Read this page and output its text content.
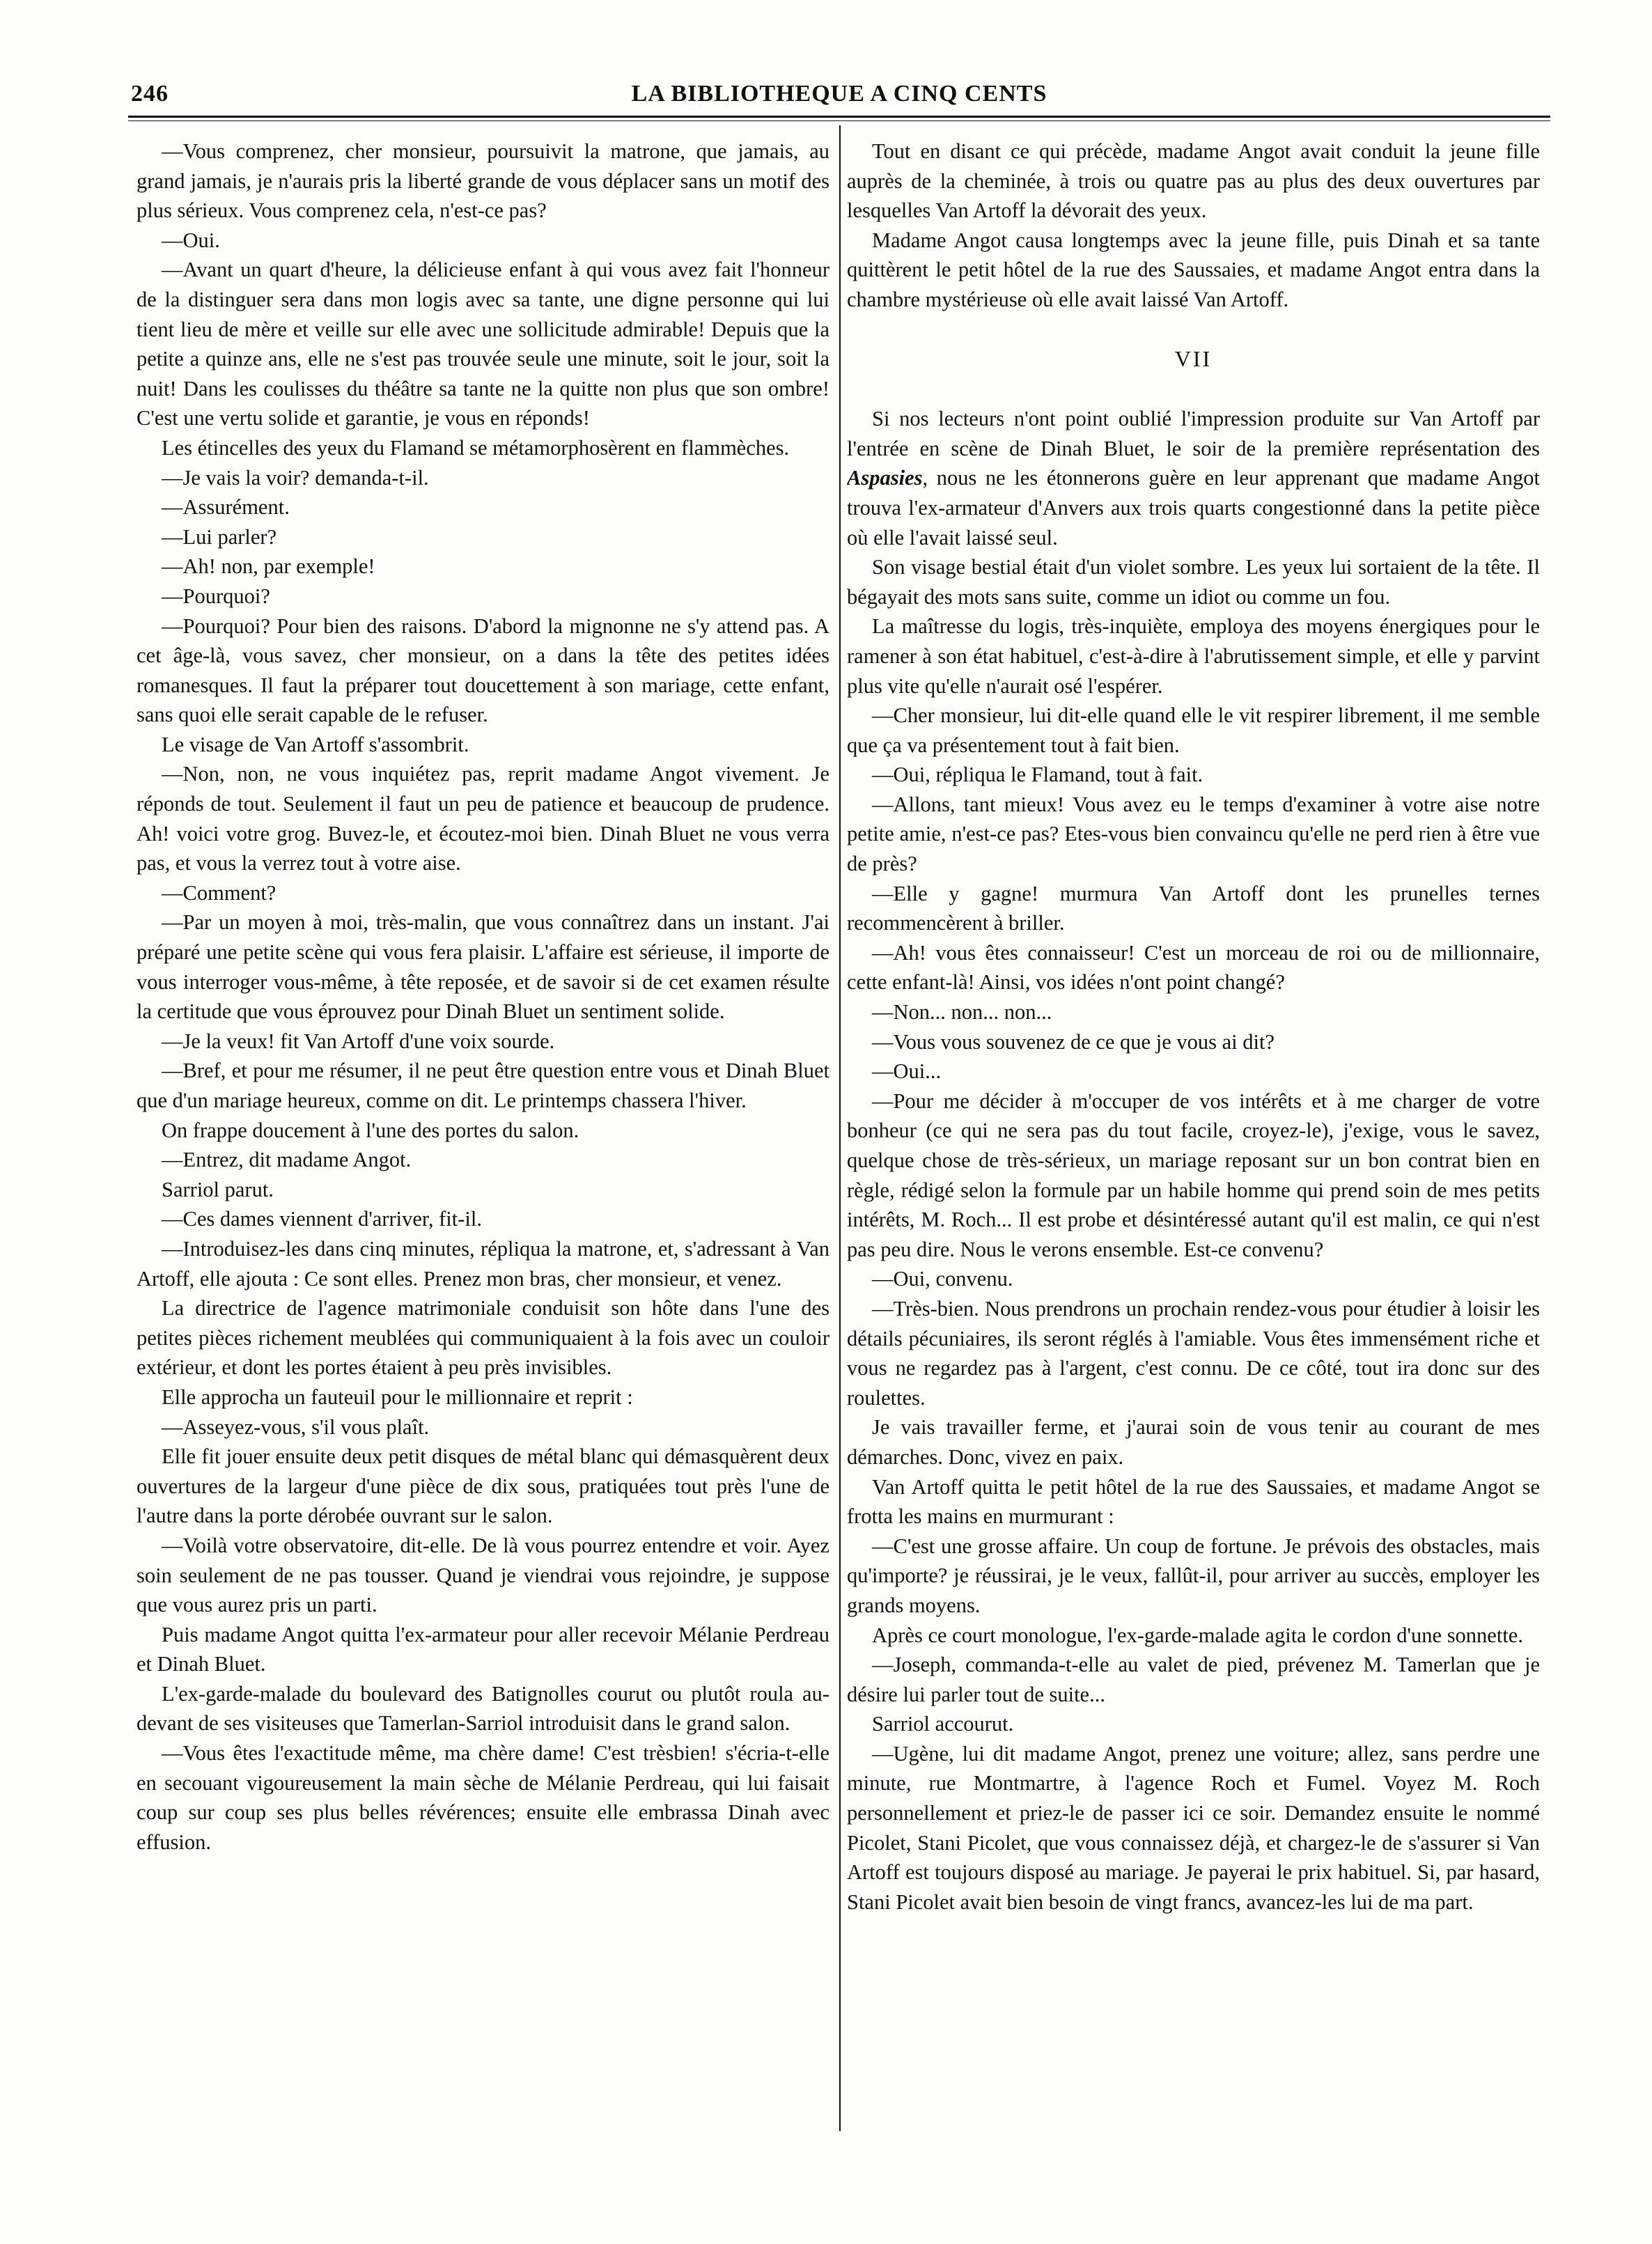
246	LA BIBLIOTHEQUE A CINQ CENTS

—Vous comprenez, cher monsieur, poursuivit la matrone, que jamais, au grand jamais, je n'aurais pris la liberté grande de vous déplacer sans un motif des plus sérieux. Vous comprenez cela, n'est-ce pas?

—Oui.

—Avant un quart d'heure, la délicieuse enfant à qui vous avez fait l'honneur de la distinguer sera dans mon logis avec sa tante, une digne personne qui lui tient lieu de mère et veille sur elle avec une sollicitude admirable! Depuis que la petite a quinze ans, elle ne s'est pas trouvée seule une minute, soit le jour, soit la nuit! Dans les coulisses du théâtre sa tante ne la quitte non plus que son ombre! C'est une vertu solide et garantie, je vous en réponds!

Les étincelles des yeux du Flamand se métamorphosèrent en flammèches.

—Je vais la voir? demanda-t-il.

—Assurément.

—Lui parler?

—Ah! non, par exemple!

—Pourquoi?

—Pourquoi? Pour bien des raisons. D'abord la mignonne ne s'y attend pas. A cet âge-là, vous savez, cher monsieur, on a dans la tête des petites idées romanesques. Il faut la préparer tout doucettement à son mariage, cette enfant, sans quoi elle serait capable de le refuser.

Le visage de Van Artoff s'assombrit.

—Non, non, ne vous inquiétez pas, reprit madame Angot vivement. Je réponds de tout. Seulement il faut un peu de patience et beaucoup de prudence. Ah! voici votre grog. Buvez-le, et écoutez-moi bien. Dinah Bluet ne vous verra pas, et vous la verrez tout à votre aise.

—Comment?

—Par un moyen à moi, très-malin, que vous connaîtrez dans un instant. J'ai préparé une petite scène qui vous fera plaisir. L'affaire est sérieuse, il importe de vous interroger vous-même, à tête reposée, et de savoir si de cet examen résulte la certitude que vous éprouvez pour Dinah Bluet un sentiment solide.

—Je la veux! fit Van Artoff d'une voix sourde.

—Bref, et pour me résumer, il ne peut être question entre vous et Dinah Bluet que d'un mariage heureux, comme on dit. Le printemps chassera l'hiver.

On frappe doucement à l'une des portes du salon.

—Entrez, dit madame Angot.

Sarriol parut.

—Ces dames viennent d'arriver, fit-il.

—Introduisez-les dans cinq minutes, répliqua la matrone, et, s'adressant à Van Artoff, elle ajouta : Ce sont elles. Prenez mon bras, cher monsieur, et venez.

La directrice de l'agence matrimoniale conduisit son hôte dans l'une des petites pièces richement meublées qui communiquaient à la fois avec un couloir extérieur, et dont les portes étaient à peu près invisibles.

Elle approcha un fauteuil pour le millionnaire et reprit :

—Asseyez-vous, s'il vous plaît.

Elle fit jouer ensuite deux petit disques de métal blanc qui démasquèrent deux ouvertures de la largeur d'une pièce de dix sous, pratiquées tout près l'une de l'autre dans la porte dérobée ouvrant sur le salon.

—Voilà votre observatoire, dit-elle. De là vous pourrez entendre et voir. Ayez soin seulement de ne pas tousser. Quand je viendrai vous rejoindre, je suppose que vous aurez pris un parti.

Puis madame Angot quitta l'ex-armateur pour aller recevoir Mélanie Perdreau et Dinah Bluet.

L'ex-garde-malade du boulevard des Batignolles courut ou plutôt roula au-devant de ses visiteuses que Tamerlan-Sarriol introduisit dans le grand salon.

—Vous êtes l'exactitude même, ma chère dame! C'est trèsbien! s'écria-t-elle en secouant vigoureusement la main sèche de Mélanie Perdreau, qui lui faisait coup sur coup ses plus belles révérences; ensuite elle embrassa Dinah avec effusion.

Tout en disant ce qui précède, madame Angot avait conduit la jeune fille auprès de la cheminée, à trois ou quatre pas au plus des deux ouvertures par lesquelles Van Artoff la dévorait des yeux.

Madame Angot causa longtemps avec la jeune fille, puis Dinah et sa tante quittèrent le petit hôtel de la rue des Saussaies, et madame Angot entra dans la chambre mystérieuse où elle avait laissé Van Artoff.

VII

Si nos lecteurs n'ont point oublié l'impression produite sur Van Artoff par l'entrée en scène de Dinah Bluet, le soir de la première représentation des Aspasies, nous ne les étonnerons guère en leur apprenant que madame Angot trouva l'ex-armateur d'Anvers aux trois quarts congestionné dans la petite pièce où elle l'avait laissé seul.

Son visage bestial était d'un violet sombre. Les yeux lui sortaient de la tête. Il bégayait des mots sans suite, comme un idiot ou comme un fou.

La maîtresse du logis, très-inquiète, employa des moyens énergiques pour le ramener à son état habituel, c'est-à-dire à l'abrutissement simple, et elle y parvint plus vite qu'elle n'aurait osé l'espérer.

—Cher monsieur, lui dit-elle quand elle le vit respirer librement, il me semble que ça va présentement tout à fait bien.

—Oui, répliqua le Flamand, tout à fait.

—Allons, tant mieux! Vous avez eu le temps d'examiner à votre aise notre petite amie, n'est-ce pas? Etes-vous bien convaincu qu'elle ne perd rien à être vue de près?

—Elle y gagne! murmura Van Artoff dont les prunelles ternes recommencèrent à briller.

—Ah! vous êtes connaisseur! C'est un morceau de roi ou de millionnaire, cette enfant-là! Ainsi, vos idées n'ont point changé?

—Non... non... non...

—Vous vous souvenez de ce que je vous ai dit?

—Oui...

—Pour me décider à m'occuper de vos intérêts et à me charger de votre bonheur (ce qui ne sera pas du tout facile, croyez-le), j'exige, vous le savez, quelque chose de très-sérieux, un mariage reposant sur un bon contrat bien en règle, rédigé selon la formule par un habile homme qui prend soin de mes petits intérêts, M. Roch... Il est probe et désintéressé autant qu'il est malin, ce qui n'est pas peu dire. Nous le verons ensemble. Est-ce convenu?

—Oui, convenu.

—Très-bien. Nous prendrons un prochain rendez-vous pour étudier à loisir les détails pécuniaires, ils seront réglés à l'amiable. Vous êtes immensément riche et vous ne regardez pas à l'argent, c'est connu. De ce côté, tout ira donc sur des roulettes.

Je vais travailler ferme, et j'aurai soin de vous tenir au courant de mes démarches. Donc, vivez en paix.

Van Artoff quitta le petit hôtel de la rue des Saussaies, et madame Angot se frotta les mains en murmurant :

—C'est une grosse affaire. Un coup de fortune. Je prévois des obstacles, mais qu'importe? je réussirai, je le veux, fallût-il, pour arriver au succès, employer les grands moyens.

Après ce court monologue, l'ex-garde-malade agita le cordon d'une sonnette.

—Joseph, commanda-t-elle au valet de pied, prévenez M. Tamerlan que je désire lui parler tout de suite...

Sarriol accourut.

—Ugène, lui dit madame Angot, prenez une voiture; allez, sans perdre une minute, rue Montmartre, à l'agence Roch et Fumel. Voyez M. Roch personnellement et priez-le de passer ici ce soir. Demandez ensuite le nommé Picolet, Stani Picolet, que vous connaissez déjà, et chargez-le de s'assurer si Van Artoff est toujours disposé au mariage. Je payerai le prix habituel. Si, par hasard, Stani Picolet avait bien besoin de vingt francs, avancez-les lui de ma part.
